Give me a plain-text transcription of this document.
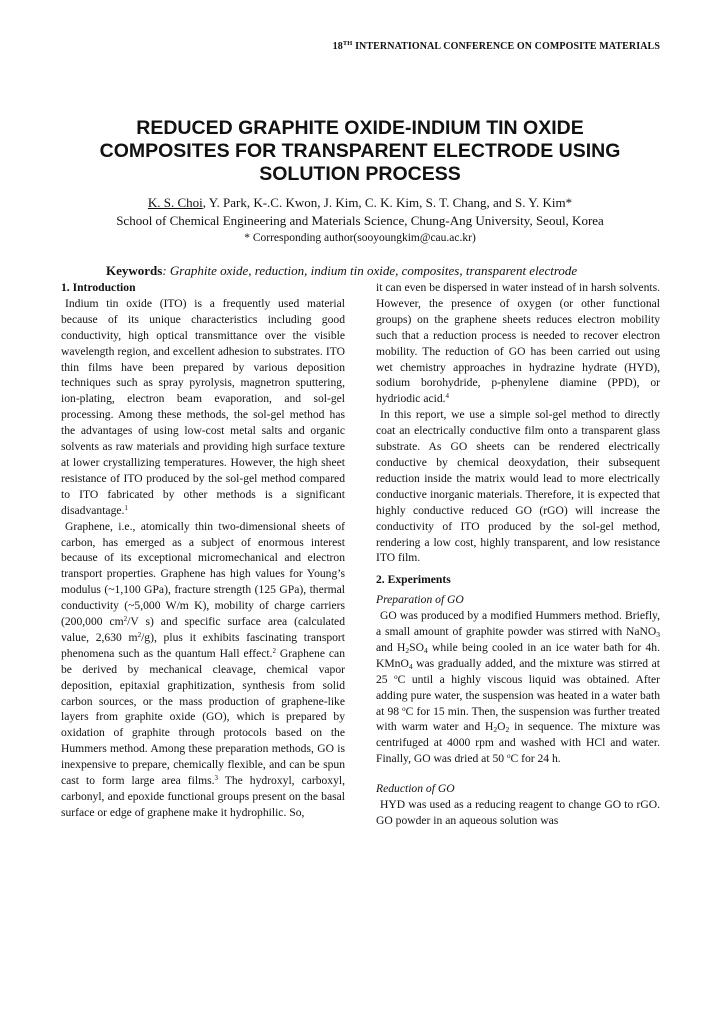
18TH INTERNATIONAL CONFERENCE ON COMPOSITE MATERIALS
REDUCED GRAPHITE OXIDE-INDIUM TIN OXIDE
COMPOSITES FOR TRANSPARENT ELECTRODE USING
SOLUTION PROCESS
K. S. Choi, Y. Park, K-.C. Kwon, J. Kim, C. K. Kim, S. T. Chang, and S. Y. Kim*
School of Chemical Engineering and Materials Science, Chung-Ang University, Seoul, Korea
* Corresponding author(sooyoungkim@cau.ac.kr)
Keywords: Graphite oxide, reduction, indium tin oxide, composites, transparent electrode
1. Introduction

Indium tin oxide (ITO) is a frequently used material because of its unique characteristics including good conductivity, high optical transmittance over the visible wavelength region, and excellent adhesion to substrates. ITO thin films have been prepared by various deposition techniques such as spray pyrolysis, magnetron sputtering, ion-plating, electron beam evaporation, and sol-gel processing. Among these methods, the sol-gel method has the advantages of using low-cost metal salts and organic solvents as raw materials and providing high surface texture at lower crystallizing temperatures. However, the high sheet resistance of ITO produced by the sol-gel method compared to ITO fabricated by other methods is a significant disadvantage.$^1$

Graphene, i.e., atomically thin two-dimensional sheets of carbon, has emerged as a subject of enormous interest because of its exceptional micromechanical and electron transport properties. Graphene has high values for Young’s modulus (~1,100 GPa), fracture strength (125 GPa), thermal conductivity (~5,000 W/m K), mobility of charge carriers (200,000 $cm^2/V$ s) and specific surface area (calculated value, 2,630 $m^2/g$), plus it exhibits fascinating transport phenomena such as the quantum Hall effect.$^2$ Graphene can be derived by mechanical cleavage, chemical vapor deposition, epitaxial graphitization, synthesis from solid carbon sources, or the mass production of graphene-like layers from graphite oxide (GO), which is prepared by oxidation of graphite through protocols based on the Hummers method. Among these preparation methods, GO is inexpensive to prepare, chemically flexible, and can be spun cast to form large area films.$^3$ The hydroxyl, carboxyl, carbonyl, and epoxide functional groups present on the basal surface or edge of graphene make it hydrophilic. So,

it can even be dispersed in water instead of in harsh solvents. However, the presence of oxygen (or other functional groups) on the graphene sheets reduces electron mobility such that a reduction process is needed to recover electron mobility. The reduction of GO has been carried out using wet chemistry approaches in hydrazine hydrate (HYD), sodium borohydride, p-phenylene diamine (PPD), or hydriodic acid.$^4$

In this report, we use a simple sol-gel method to directly coat an electrically conductive film onto a transparent glass substrate. As GO sheets can be rendered electrically conductive by chemical deoxydation, their subsequent reduction inside the matrix would lead to more electrically conductive inorganic materials. Therefore, it is expected that highly conductive reduced GO (rGO) will increase the conductivity of ITO produced by the sol-gel method, rendering a low cost, highly transparent, and low resistance ITO film.

2. Experiments
Preparation of GO

GO was produced by a modified Hummers method. Briefly, a small amount of graphite powder was stirred with NaNO$_3$ and $H_2SO_4$ while being cooled in an ice water bath for 4h. KMnO$_4$ was gradually added, and the mixture was stirred at 25 $^o$C until a highly viscous liquid was obtained. After adding pure water, the suspension was heated in a water bath at 98 $^o$C for 15 min. Then, the suspension was further treated with warm water and $H_2O_2$ in sequence. The mixture was centrifuged at 4000 rpm and washed with HCl and water. Finally, GO was dried at 50 $^o$C for 24 h.

Reduction of GO

HYD was used as a reducing reagent to change GO to rGO. GO powder in an aqueous solution was
